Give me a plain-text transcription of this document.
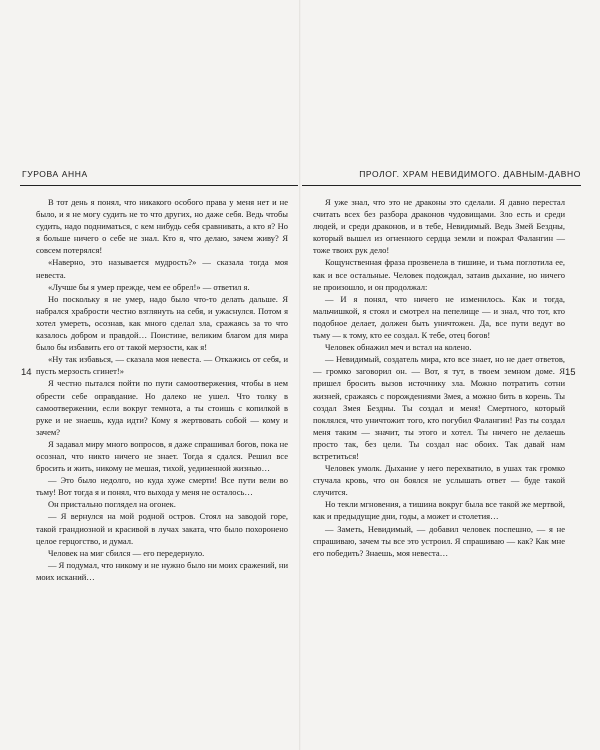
ГУРОВА АННА
14

В тот день я понял, что никакого особого права у меня нет и не было, и я не могу судить не то что других, но даже себя. Ведь чтобы судить, надо подниматься, с кем нибудь себя сравнивать, а кто я? Но я больше ничего о себе не знал. Кто я, что делаю, зачем живу? Я совсем потерялся!

«Наверно, это называется мудрость?» — сказала тогда моя невеста.

«Лучше бы я умер прежде, чем ее обрел!» — ответил я.

Но поскольку я не умер, надо было что-то делать дальше. Я набрался храбрости честно взглянуть на себя, и ужаснулся. Потом я хотел умереть, осознав, как много сделал зла, сражаясь за то что казалось добром и правдой… Поистине, великим благом для мира было бы избавить его от такой мерзости, как я!

«Ну так избавься, — сказала моя невеста. — Откажись от себя, и пусть мерзость сгинет!»

Я честно пытался пойти по пути самоотвержения, чтобы в нем обрести себе оправдание. Но далеко не ушел. Что толку в самоотвержении, если вокруг темнота, а ты стоишь с копилкой в руке и не знаешь, куда идти? Кому я жертвовать собой — кому и зачем?

Я задавал миру много вопросов, я даже спрашивал богов, пока не осознал, что никто ничего не знает. Тогда я сдался. Решил все бросить и жить, никому не мешая, тихой, уединенной жизнью…

— Это было недолго, но куда хуже смерти! Все пути вели во тьму! Вот тогда я и понял, что выхода у меня не осталось…

Он пристально поглядел на огонек.

— Я вернулся на мой родной остров. Стоял на заводой горе, такой грандиозной и красивой в лучах заката, что было похоронено целое герцогство, и думал.

Человек на миг сбился — его передернуло.

— Я подумал, что никому и не нужно было ни моих сражений, ни моих исканий…

ПРОЛОГ. ХРАМ НЕВИДИМОГО. ДАВНЫМ-ДАВНО
15

Я уже знал, что это не драконы это сделали. Я давно перестал считать всех без разбора драконов чудовищами. Зло есть и среди людей, и среди драконов, и в тебе, Невидимый. Ведь Змей Бездны, который вышел из огненного сердца земли и пожрал Фалангин — тоже твоих рук дело!

Кощунственная фраза прозвенела в тишине, и тьма поглотила ее, как и все остальные. Человек подождал, затаив дыхание, но ничего не произошло, и он продолжал:

— И я понял, что ничего не изменилось. Как и тогда, мальчишкой, я стоял и смотрел на пепелище — и знал, что тот, кто подобное делает, должен быть уничтожен. Да, все пути ведут во тьму — к тому, кто ее создал. К тебе, отец богов!

Человек обнажил меч и встал на колено.

— Невидимый, создатель мира, кто все знает, но не дает ответов, — громко заговорил он. — Вот, я тут, в твоем земном доме. Я пришел бросить вызов источнику зла. Можно потратить сотни жизней, сражаясь с порождениями Змея, а можно бить в корень. Ты создал Змея Бездны. Ты создал и меня! Смертного, который поклялся, что уничтожит того, кто погубил Фалангин! Раз ты создал меня таким — значит, ты этого и хотел. Ты ничего не делаешь просто так, без цели. Ты создал нас обоих. Так давай нам встретиться!

Человек умолк. Дыхание у него перехватило, в ушах так громко стучала кровь, что он боялся не услышать ответ — буде такой случится.

Но текли мгновения, а тишина вокруг была все такой же мертвой, как и предыдущие дни, годы, а может и столетия…

— Заметь, Невидимый, — добавил человек поспешно, — я не спрашиваю, зачем ты все это устроил. Я спрашиваю — как? Как мне его победить? Знаешь, моя невеста…
